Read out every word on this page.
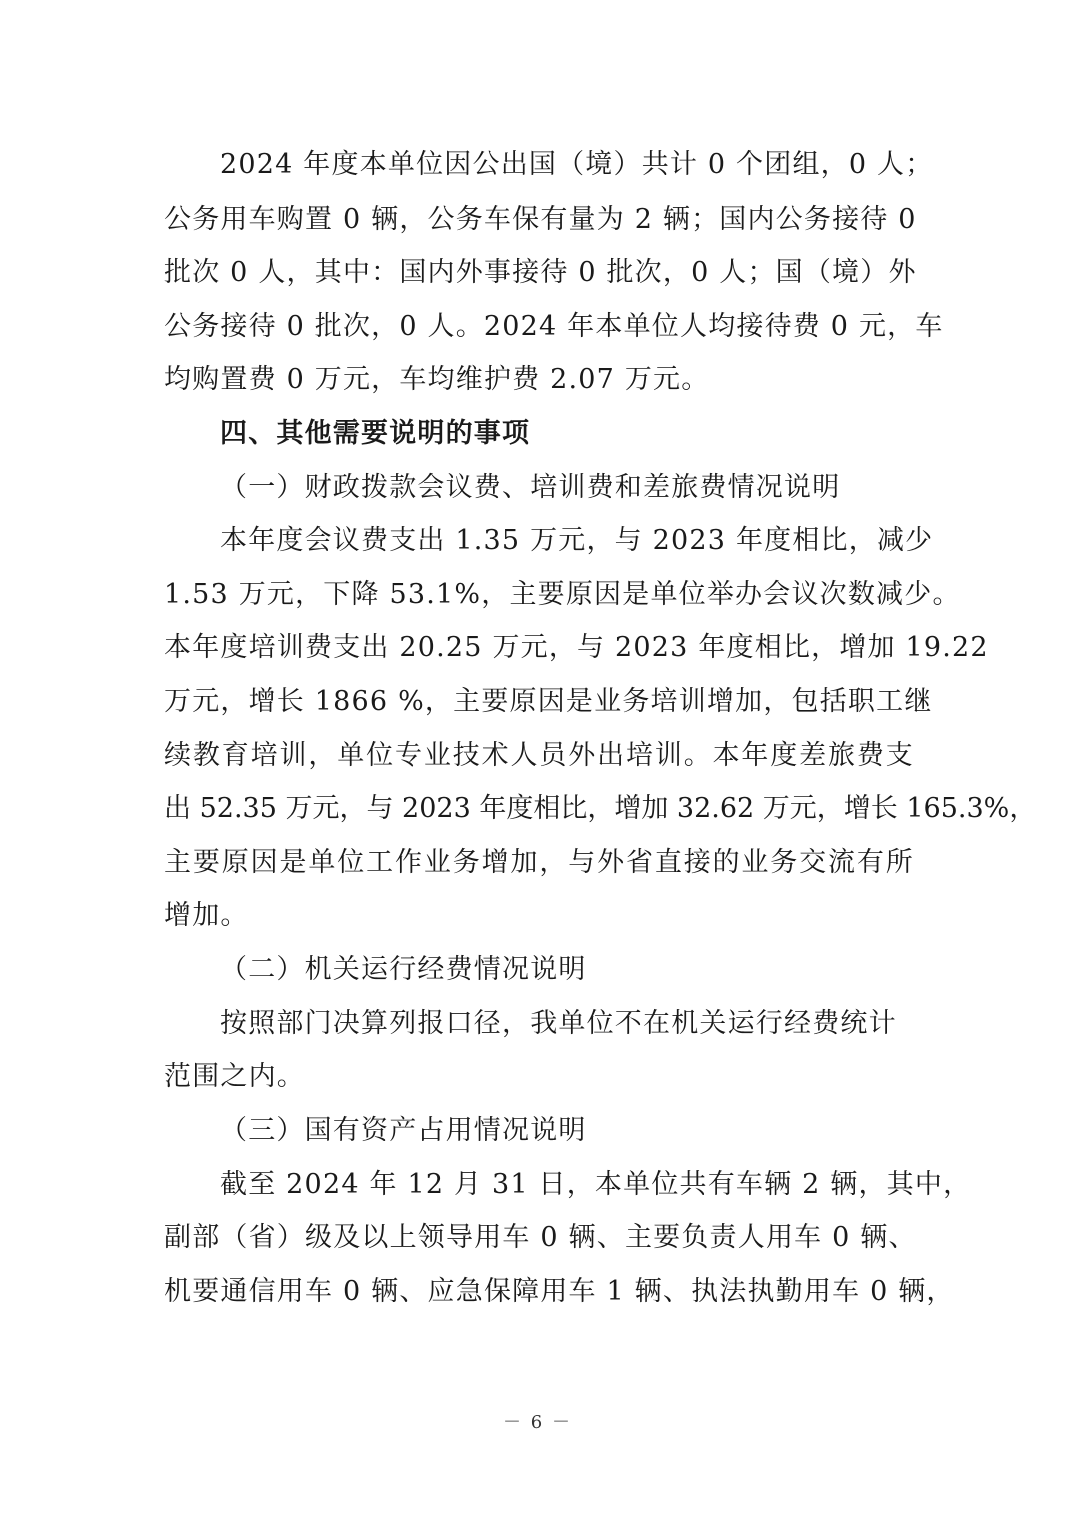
2024 年度本单位因公出国（境）共计 0 个团组，0 人；
公务用车购置 0 辆，公务车保有量为 2 辆；国内公务接待 0
批次 0 人，其中：国内外事接待 0 批次，0 人；国（境）外
公务接待 0 批次，0 人。2024 年本单位人均接待费 0 元，车
均购置费 0 万元，车均维护费 2.07 万元。
四、其他需要说明的事项
（一）财政拨款会议费、培训费和差旅费情况说明
本年度会议费支出 1.35 万元，与 2023 年度相比，减少
1.53 万元，下降 53.1%，主要原因是单位举办会议次数减少。
本年度培训费支出 20.25 万元，与 2023 年度相比，增加 19.22
万元，增长 1866 %，主要原因是业务培训增加，包括职工继
续教育培训，单位专业技术人员外出培训。本年度差旅费支
出 52.35 万元，与 2023 年度相比，增加 32.62 万元，增长 165.3%，
主要原因是单位工作业务增加，与外省直接的业务交流有所
增加。
（二）机关运行经费情况说明
按照部门决算列报口径，我单位不在机关运行经费统计
范围之内。
（三）国有资产占用情况说明
截至 2024 年 12 月 31 日，本单位共有车辆 2 辆，其中，
副部（省）级及以上领导用车 0 辆、主要负责人用车 0 辆、
机要通信用车 0 辆、应急保障用车 1 辆、执法执勤用车 0 辆，
－ 6 －
